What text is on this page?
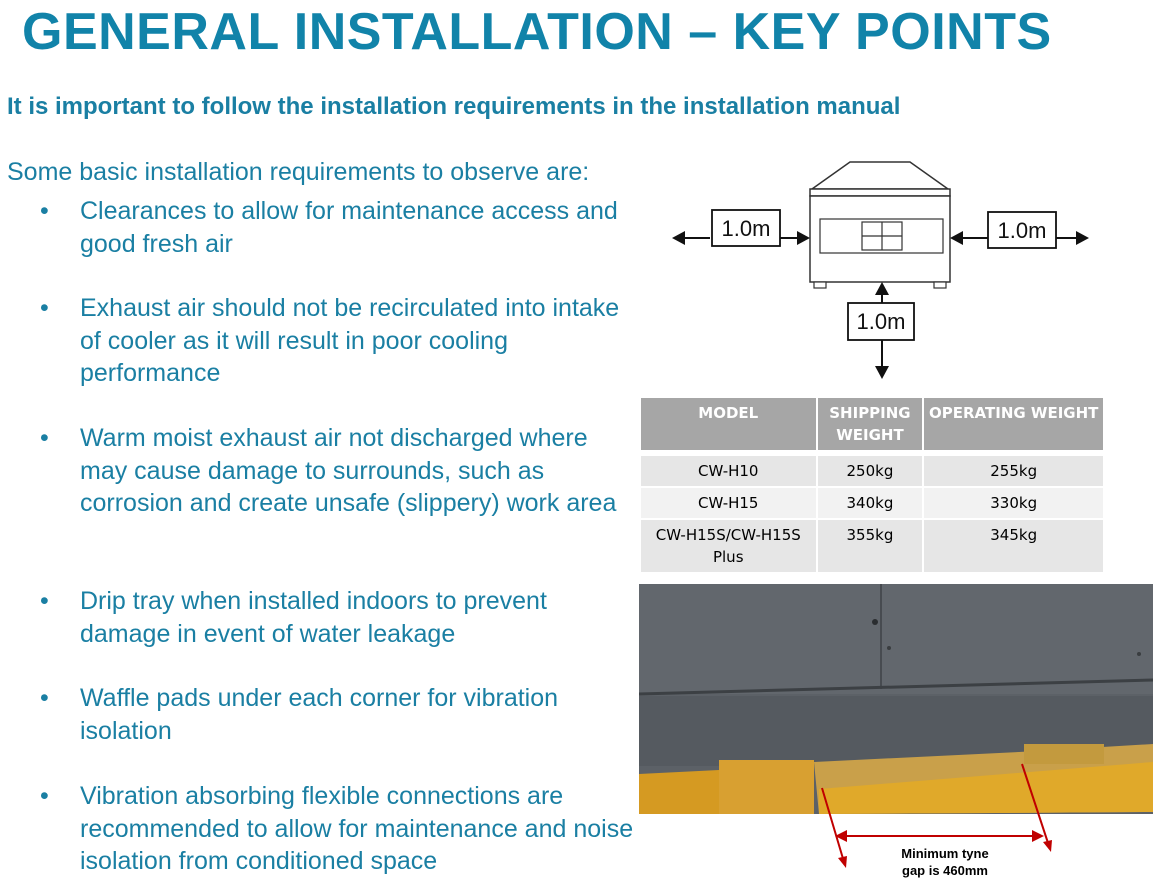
GENERAL INSTALLATION – KEY POINTS
It is important to follow the installation requirements in the installation manual
Some basic installation requirements to observe are:
• Clearances to allow for maintenance access and good fresh air
• Exhaust air should not be recirculated into intake of cooler as it will result in poor cooling performance
• Warm moist exhaust air not discharged where may cause damage to surrounds, such as corrosion and create unsafe (slippery) work area
• Drip tray when installed indoors to prevent damage in event of water leakage
• Waffle pads under each corner for vibration isolation
• Vibration absorbing flexible connections are recommended to allow for maintenance and noise isolation from conditioned space
1.0m	1.0m
1.0m
MODEL	SHIPPING WEIGHT	OPERATING WEIGHT
CW-H10	250kg	255kg
CW-H15	340kg	330kg
CW-H15S/CW-H15S Plus	355kg	345kg
Minimum tyne
gap is 460mm
